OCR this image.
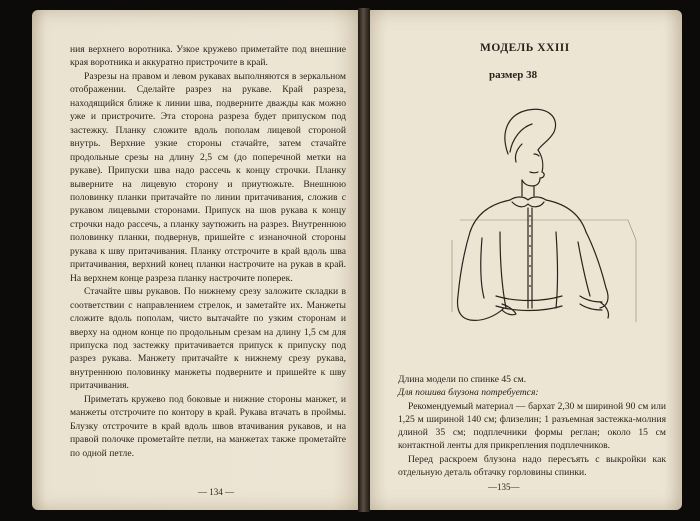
ния верхнего воротника. Узкое кружево приметайте под внешние края воротника и аккуратно пристрочите в край.

Разрезы на правом и левом рукавах выполняются в зеркальном отображении. Сделайте разрез на рукаве. Край разреза, находящийся ближе к линии шва, подверните дважды как можно уже и пристрочите. Эта сторона разреза будет припуском под застежку. Планку сложите вдоль пополам лицевой стороной внутрь. Верхние узкие стороны стачайте, затем стачайте продольные срезы на длину 2,5 см (до поперечной метки на рукаве). Припуски шва надо рассечь к концу строчки. Планку выверните на лицевую сторону и приутюжьте. Внешнюю половинку планки притачайте по линии притачивания, сложив с рукавом лицевыми сторонами. Припуск на шов рукава к концу строчки надо рассечь, а планку заутюжить на разрез. Внутреннюю половинку планки, подвернув, пришейте с изнаночной стороны рукава к шву притачивания. Планку отстрочите в край вдоль шва притачивания, верхний конец планки настрочите на рукав в край. На верхнем конце разреза планку настрочите поперек.

Стачайте швы рукавов. По нижнему срезу заложите складки в соответствии с направлением стрелок, и заметайте их. Манжеты сложите вдоль пополам, чисто вытачайте по узким сторонам и вверху на одном конце по продольным срезам на длину 1,5 см для припуска под застежку притачивается припуск к припуску под разрез рукава. Манжету притачайте к нижнему срезу рукава, внутреннюю половинку манжеты подверните и пришейте к шву притачивания.

Приметать кружево под боковые и нижние стороны манжет, и манжеты отстрочите по контору в край. Рукава втачать в проймы. Блузку отстрочите в край вдоль швов втачивания рукавов, и на правой полочке прометайте петли, на манжетах также прометайте по одной петле.

— 134 —
МОДЕЛЬ XXIII
размер 38

Длина модели по спинке 45 см.

Для пошива блузона потребуется:

Рекомендуемый материал — бархат 2,30 м шириной 90 см или 1,25 м шириной 140 см; флизелин; 1 разъемная застежка-молния длиной 35 см; подплечники формы реглан; около 15 см контактной ленты для прикрепления подплечников.

Перед раскроем блузона надо пересъять с выкройки как отдельную деталь обтачку горловины спинки.

—135—
